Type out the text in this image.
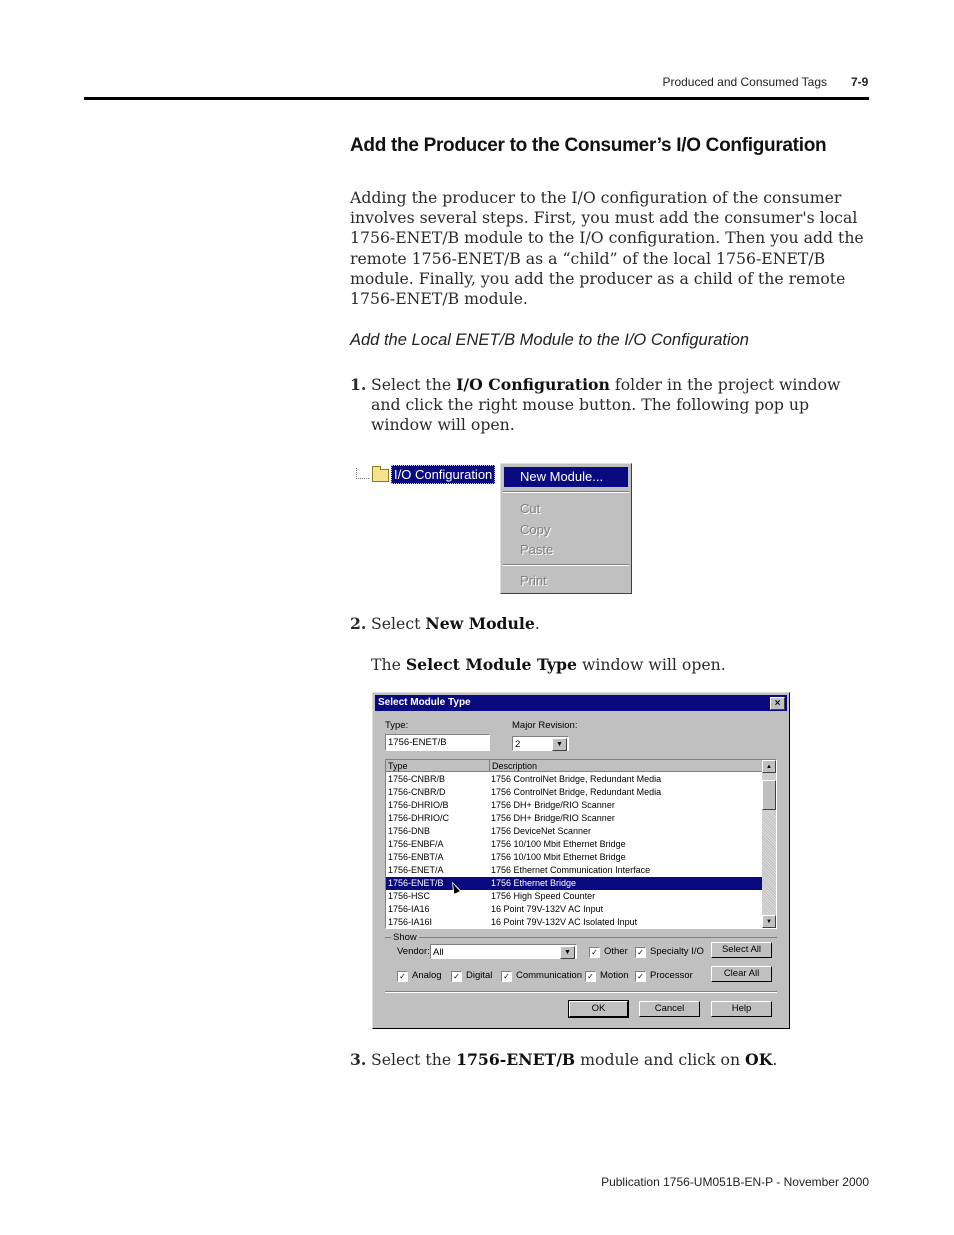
Produced and Consumed Tags 7-9
Add the Producer to the Consumer’s I/O Configuration

Adding the producer to the I/O configuration of the consumer involves several steps. First, you must add the consumer's local 1756-ENET/B module to the I/O configuration. Then you add the remote 1756-ENET/B as a “child” of the local 1756-ENET/B module. Finally, you add the producer as a child of the remote 1756-ENET/B module.

Add the Local ENET/B Module to the I/O Configuration
1. Select the I/O Configuration folder in the project window and click the right mouse button. The following pop up window will open.
I/O Configuration	New Module...
Cut
Copy
Paste
Print
2. Select New Module.
The Select Module Type window will open.
Select Module Type	×
Type:
1756-ENET/B
Major Revision:
2	▼
Type	Description
1756-CNBR/B	1756 ControlNet Bridge, Redundant Media
1756-CNBR/D	1756 ControlNet Bridge, Redundant Media
1756-DHRIO/B	1756 DH+ Bridge/RIO Scanner
1756-DHRIO/C	1756 DH+ Bridge/RIO Scanner
1756-DNB	1756 DeviceNet Scanner
1756-ENBF/A	1756 10/100 Mbit Ethernet Bridge
1756-ENBT/A	1756 10/100 Mbit Ethernet Bridge
1756-ENET/A	1756 Ethernet Communication Interface
1756-ENET/B	1756 Ethernet Bridge
1756-HSC	1756 High Speed Counter
1756-IA16	16 Point 79V-132V AC Input
1756-IA16I	16 Point 79V-132V AC Isolated Input
▲
▼
Show
Vendor: All	▼	✓ Other ✓ Specialty I/O	Select All
✓ Analog ✓ Digital ✓ Communication ✓ Motion ✓ Processor	Clear All
OK	Cancel	Help
3. Select the 1756-ENET/B module and click on OK.
Publication 1756-UM051B-EN-P - November 2000
